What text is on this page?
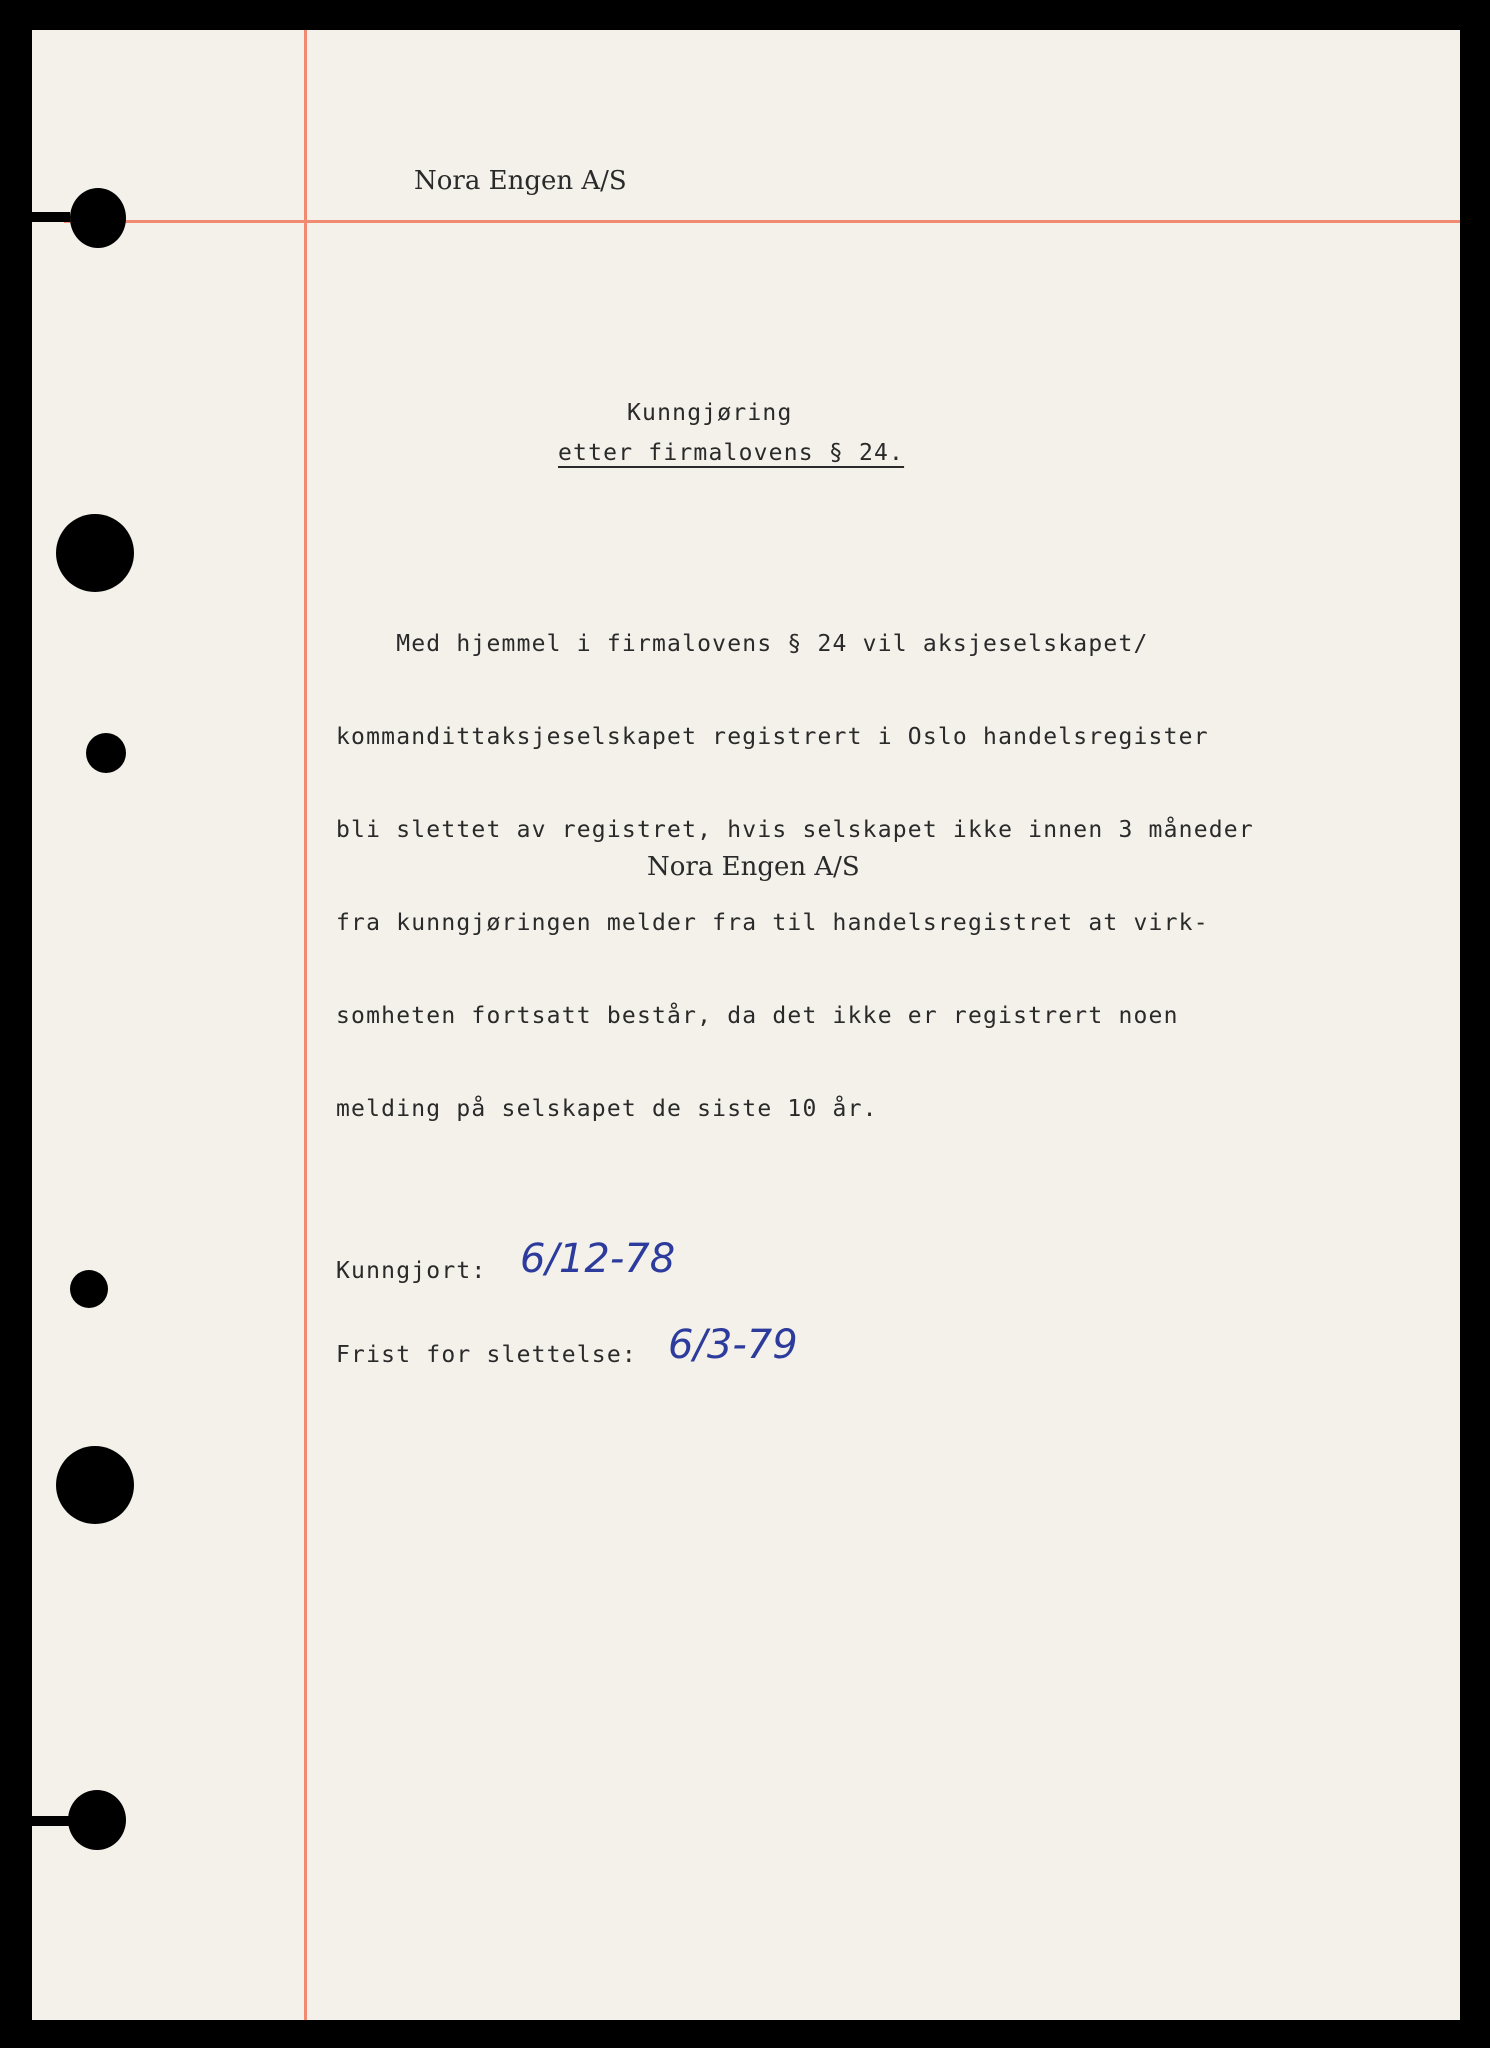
Nora Engen A/S
Kunngjøring
etter firmalovens § 24.

Med hjemmel i firmalovens § 24 vil aksjeselskapet/

kommandittaksjeselskapet registrert i Oslo handelsregister

bli slettet av registret, hvis selskapet ikke innen 3 måneder

fra kunngjøringen melder fra til handelsregistret at virk-

somheten fortsatt består, da det ikke er registrert noen

melding på selskapet de siste 10 år.

Nora Engen A/S
Kunngjort: 6/12-78
Frist for slettelse: 6/3-79
